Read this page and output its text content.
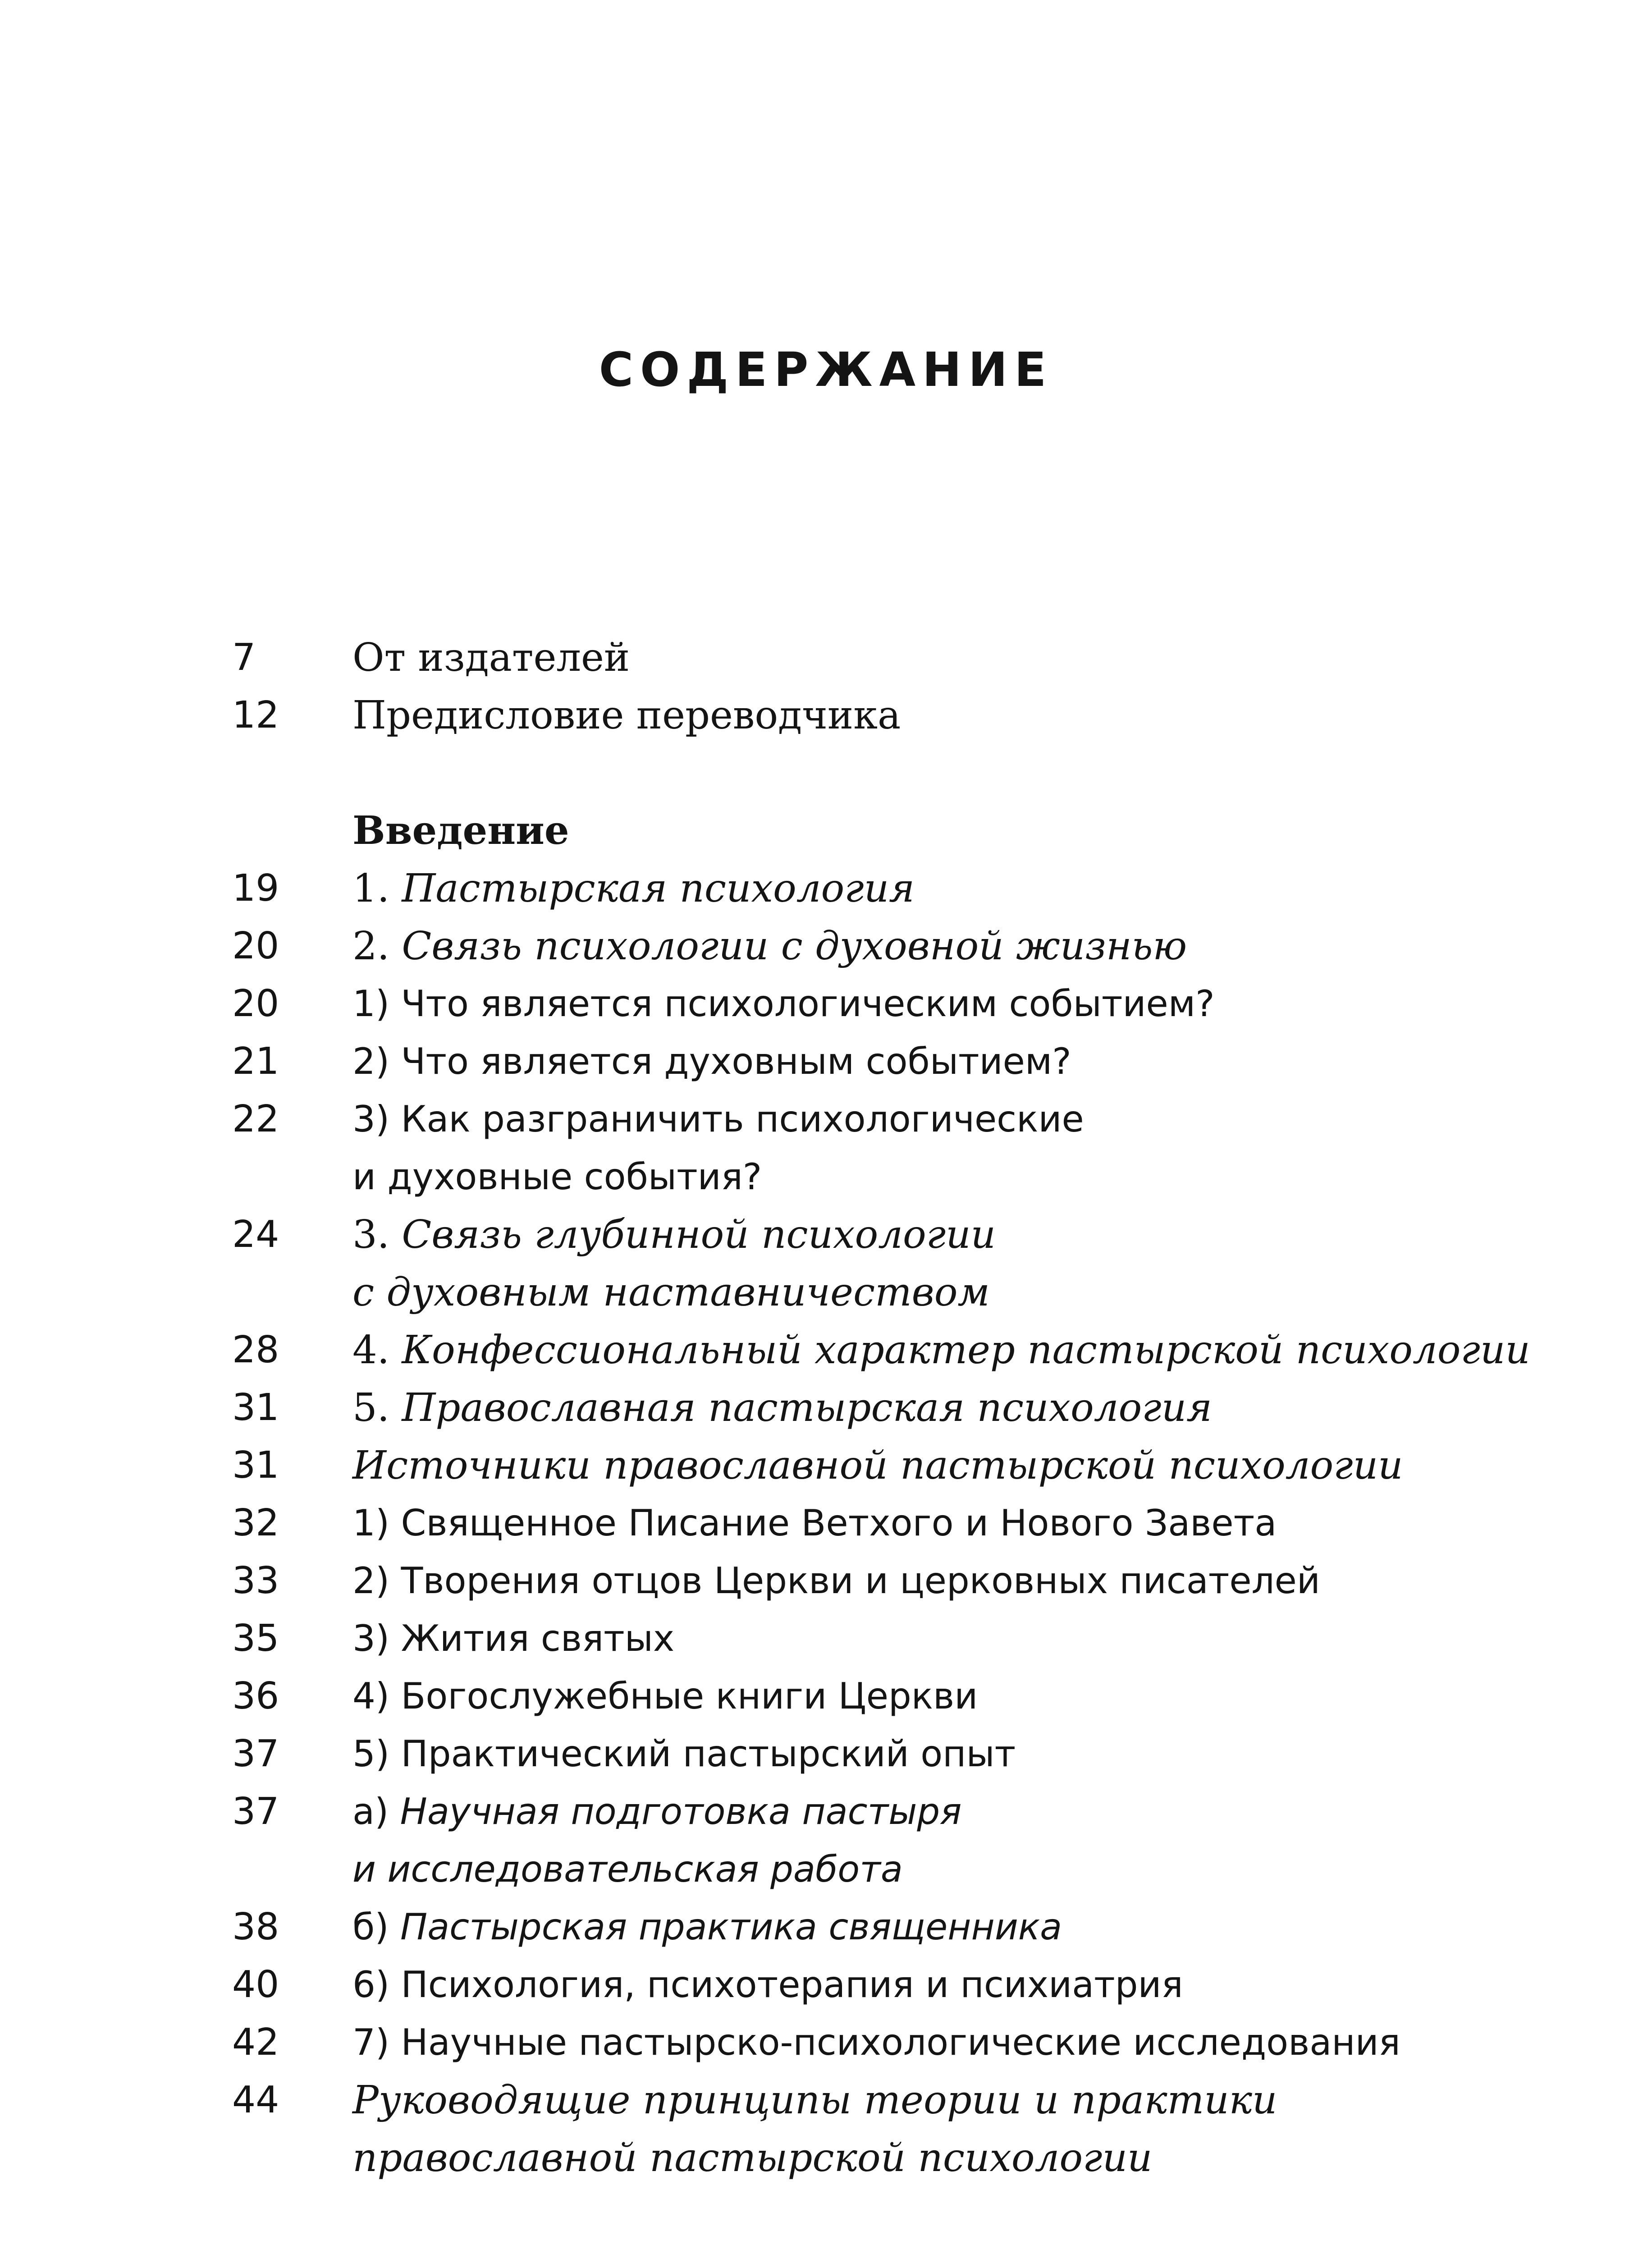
СОДЕРЖАНИЕ
7 От издателей
12 Предисловие переводчика
Введение
19 1. Пастырская психология
20 2. Связь психологии с духовной жизнью
20 1) Что является психологическим событием?
21 2) Что является духовным событием?
22 3) Как разграничить психологические
и духовные события?
24 3. Связь глубинной психологии
с духовным наставничеством
28 4. Конфессиональный характер пастырской психологии
31 5. Православная пастырская психология
31 Источники православной пастырской психологии
32 1) Священное Писание Ветхого и Нового Завета
33 2) Творения отцов Церкви и церковных писателей
35 3) Жития святых
36 4) Богослужебные книги Церкви
37 5) Практический пастырский опыт
37 а) Научная подготовка пастыря
и исследовательская работа
38 б) Пастырская практика священника
40 6) Психология, психотерапия и психиатрия
42 7) Научные пастырско-психологические исследования
44 Руководящие принципы теории и практики
православной пастырской психологии
